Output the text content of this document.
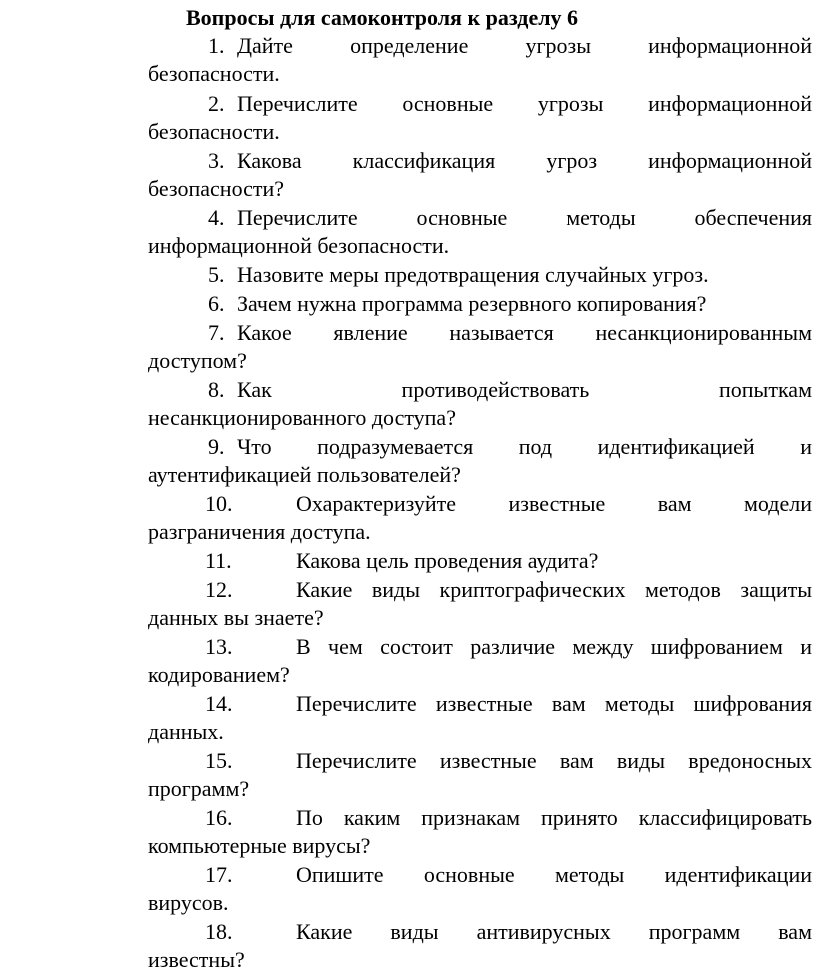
Вопросы для самоконтроля к разделу 6
1. Дайте определение угрозы информационной
безопасности.
2. Перечислите основные угрозы информационной
безопасности.
3. Какова классификация угроз информационной
безопасности?
4. Перечислите основные методы обеспечения
информационной безопасности.
5. Назовите меры предотвращения случайных угроз.
6. Зачем нужна программа резервного копирования?
7. Какое явление называется несанкционированным
доступом?
8. Как противодействовать попыткам
несанкционированного доступа?
9. Что подразумевается под идентификацией и
аутентификацией пользователей?
10.	Охарактеризуйте известные вам модели
разграничения доступа.
11.	Какова цель проведения аудита?
12.	Какие виды криптографических методов защиты
данных вы знаете?
13.	В чем состоит различие между шифрованием и
кодированием?
14.	Перечислите известные вам методы шифрования
данных.
15.	Перечислите известные вам виды вредоносных
программ?
16.	По каким признакам принято классифицировать
компьютерные вирусы?
17.	Опишите основные методы идентификации
вирусов.
18.	Какие виды антивирусных программ вам
известны?
